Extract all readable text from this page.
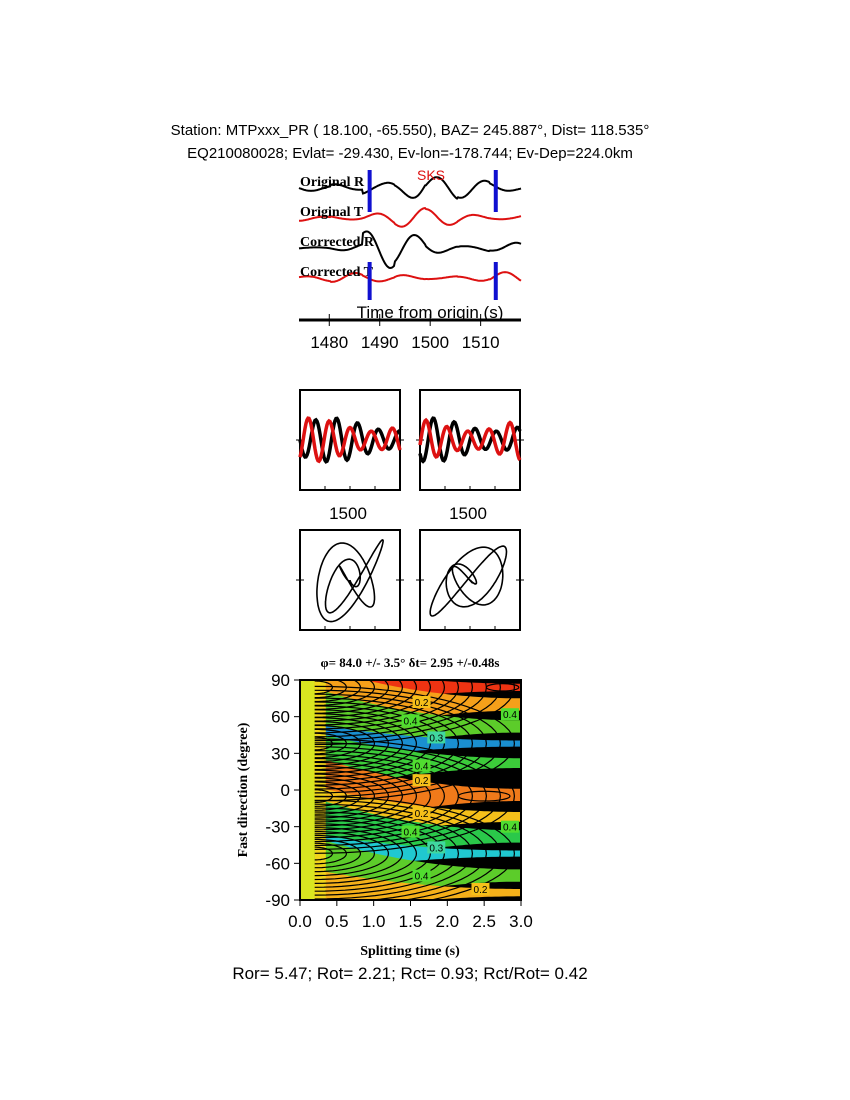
Station: MTPxxx_PR ( 18.100, -65.550), BAZ= 245.887°, Dist= 118.535°
EQ210080028; Evlat= -29.430, Ev-lon=-178.744; Ev-Dep=224.0km
Original R
Original T
Corrected R
Corrected T
1480 1490 1500 1510
Time from origin (s)
SKS
1500	1500
0.0 0.5 1.0 1.5 2.0 2.5 3.0
90
60
30
0
-30
-60
-90
0.2
0.4
0.3
0.4
0.4
0.2
0.2
0.4
0.3
0.4
0.4
0.2
φ= 84.0 +/- 3.5° δt= 2.95 +/-0.48s
Splitting time (s)
Fast direction (degree)
Ror= 5.47; Rot= 2.21; Rct= 0.93; Rct/Rot= 0.42
